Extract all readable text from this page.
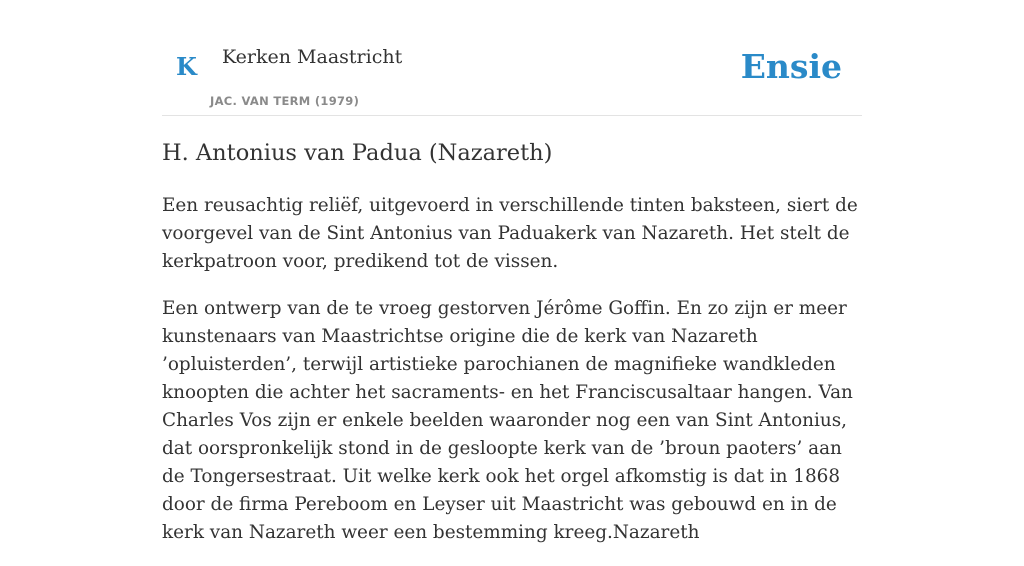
K Kerken Maastricht
JAC. VAN TERM (1979)
Ensie
H. Antonius van Padua (Nazareth)

Een reusachtig reliëf, uitgevoerd in verschillende tinten baksteen, siert de voorgevel van de Sint Antonius van Paduakerk van Nazareth. Het stelt de kerkpatroon voor, predikend tot de vissen.

Een ontwerp van de te vroeg gestorven Jérôme Goffin. En zo zijn er meer kunstenaars van Maastrichtse origine die de kerk van Nazareth ’opluisterden’, terwijl artistieke parochianen de magnifieke wandkleden knoopten die achter het sacraments- en het Franciscusaltaar hangen. Van Charles Vos zijn er enkele beelden waaronder nog een van Sint Antonius, dat oorspronkelijk stond in de gesloopte kerk van de ’broun paoters’ aan de Tongersestraat. Uit welke kerk ook het orgel afkomstig is dat in 1868 door de firma Pereboom en Leyser uit Maastricht was gebouwd en in de kerk van Nazareth weer een bestemming kreeg.Nazareth
